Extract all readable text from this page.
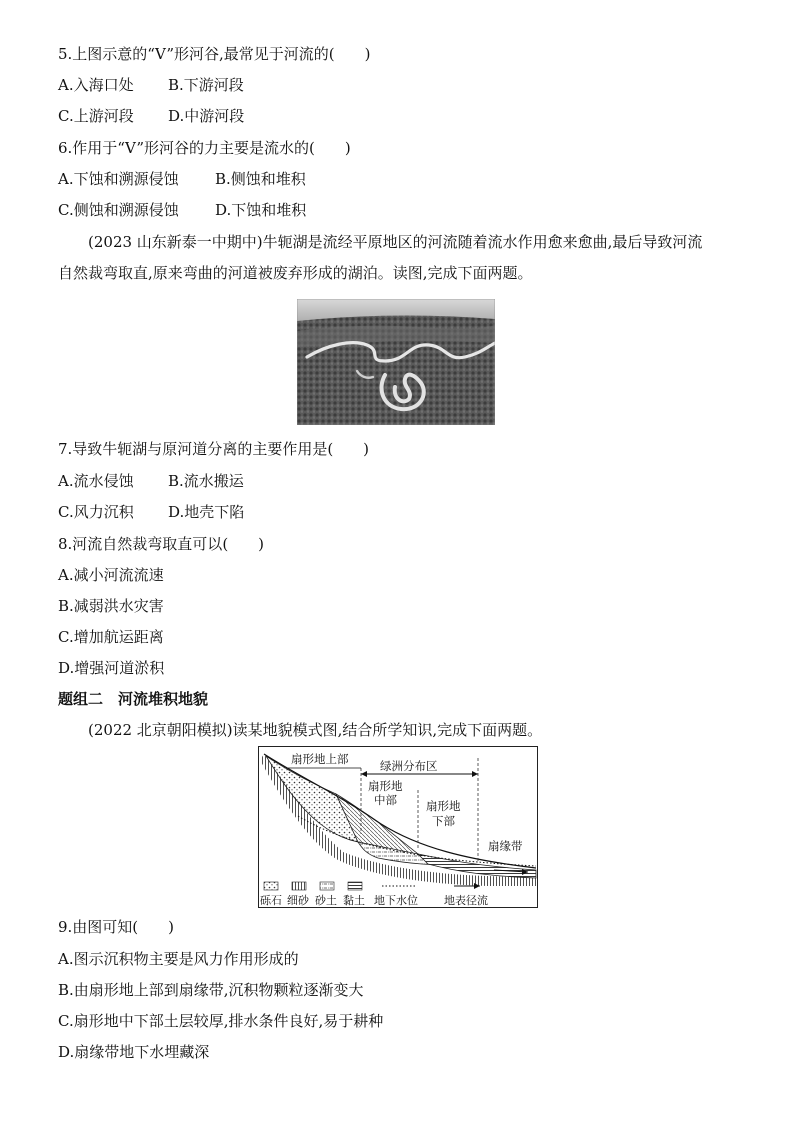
5.上图示意的“V”形河谷,最常见于河流的(　　)
A.入海口处 B.下游河段
C.上游河段 D.中游河段
6.作用于“V”形河谷的力主要是流水的(　　)
A.下蚀和溯源侵蚀 B.侧蚀和堆积
C.侧蚀和溯源侵蚀 D.下蚀和堆积
(2023 山东新泰一中期中)牛轭湖是流经平原地区的河流随着流水作用愈来愈曲,最后导致河流
自然裁弯取直,原来弯曲的河道被废弃形成的湖泊。读图,完成下面两题。
7.导致牛轭湖与原河道分离的主要作用是(　　)
A.流水侵蚀 B.流水搬运
C.风力沉积 D.地壳下陷
8.河流自然裁弯取直可以(　　)
A.减小河流流速
B.减弱洪水灾害
C.增加航运距离
D.增强河道淤积
题组二　河流堆积地貌
(2022 北京朝阳模拟)读某地貌模式图,结合所学知识,完成下面两题。
扇形地上部	绿洲分布区
扇形地
中部	扇形地
下部
扇缘带
砾石 细砂 砂土 黏土 地下水位 地表径流
9.由图可知(　　)
A.图示沉积物主要是风力作用形成的
B.由扇形地上部到扇缘带,沉积物颗粒逐渐变大
C.扇形地中下部土层较厚,排水条件良好,易于耕种
D.扇缘带地下水埋藏深
